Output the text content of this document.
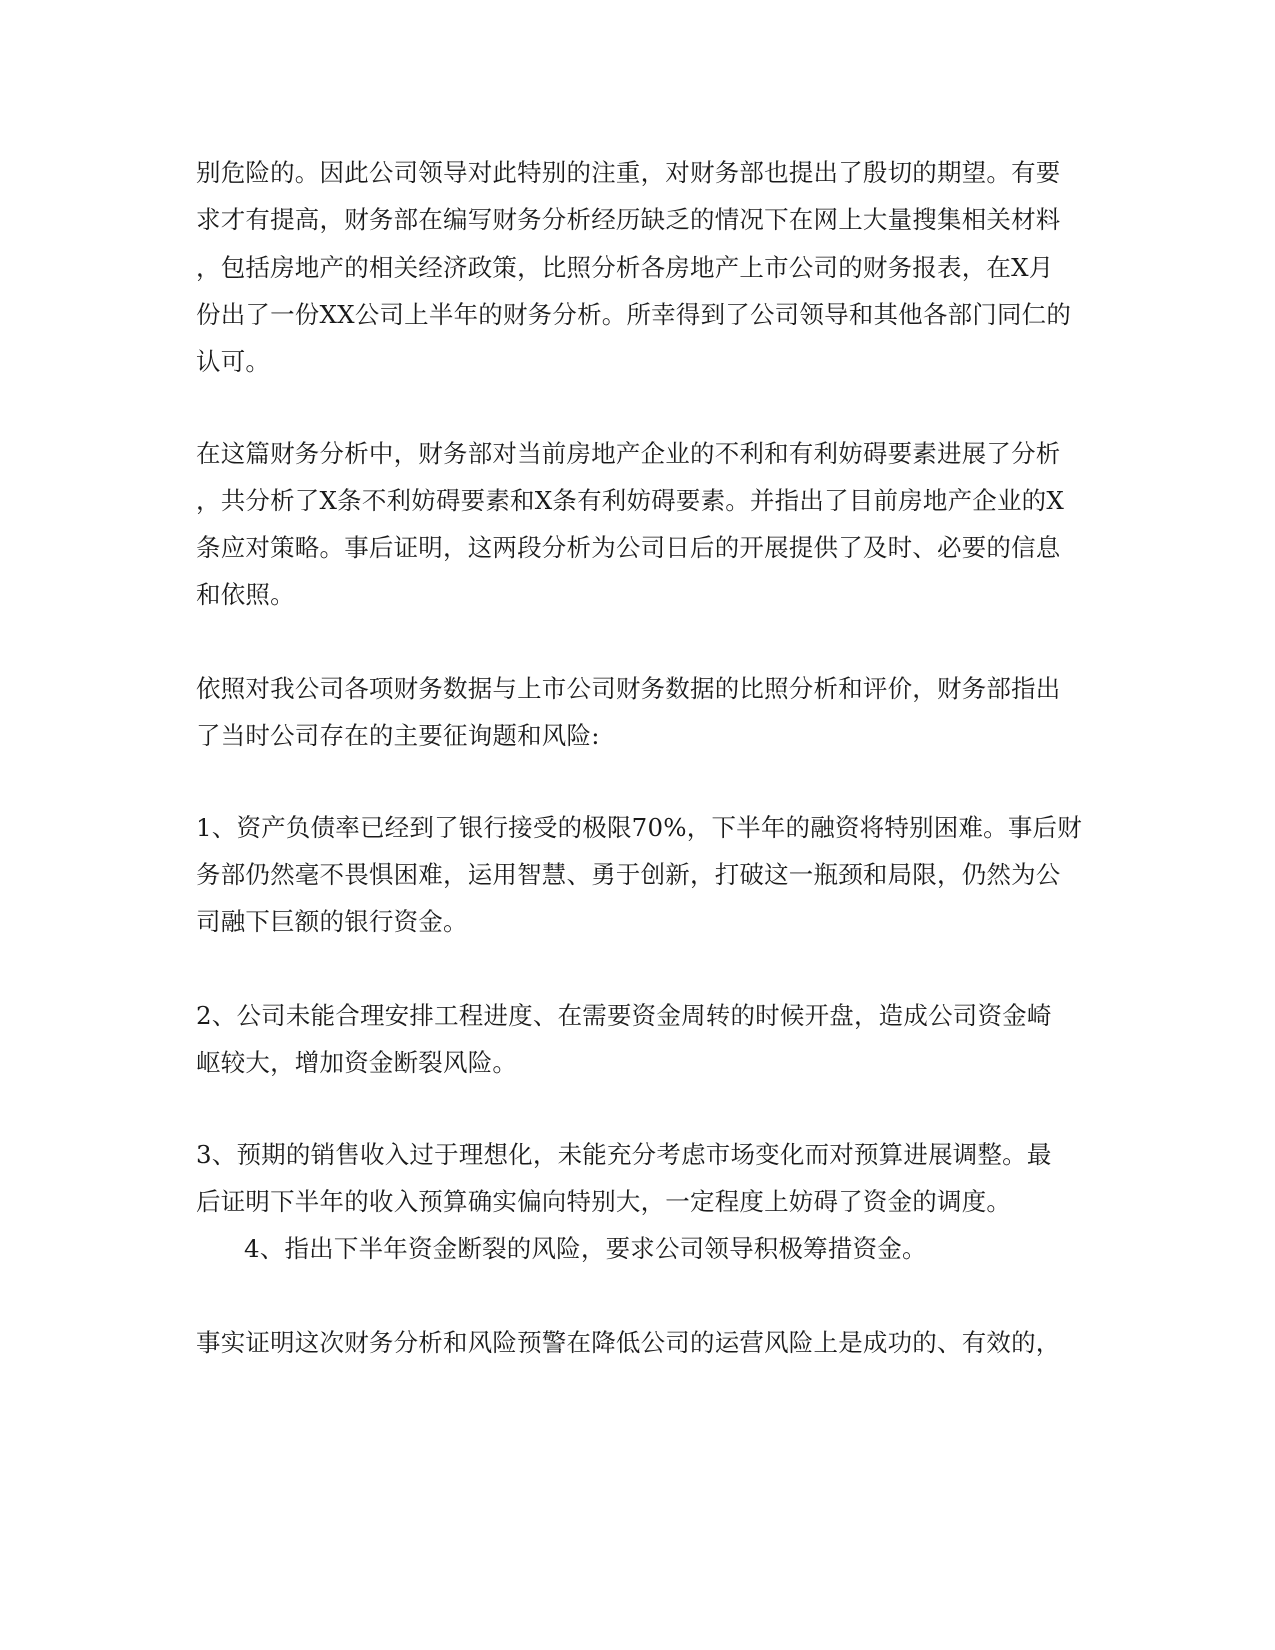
别危险的。因此公司领导对此特别的注重，对财务部也提出了殷切的期望。有要
求才有提高，财务部在编写财务分析经历缺乏的情况下在网上大量搜集相关材料
，包括房地产的相关经济政策，比照分析各房地产上市公司的财务报表，在X月
份出了一份XX公司上半年的财务分析。所幸得到了公司领导和其他各部门同仁的
认可。
在这篇财务分析中，财务部对当前房地产企业的不利和有利妨碍要素进展了分析
，共分析了X条不利妨碍要素和X条有利妨碍要素。并指出了目前房地产企业的X
条应对策略。事后证明，这两段分析为公司日后的开展提供了及时、必要的信息
和依照。
依照对我公司各项财务数据与上市公司财务数据的比照分析和评价，财务部指出
了当时公司存在的主要征询题和风险:
1、资产负债率已经到了银行接受的极限70%，下半年的融资将特别困难。事后财
务部仍然毫不畏惧困难，运用智慧、勇于创新，打破这一瓶颈和局限，仍然为公
司融下巨额的银行资金。
2、公司未能合理安排工程进度、在需要资金周转的时候开盘，造成公司资金崎
岖较大，增加资金断裂风险。
3、预期的销售收入过于理想化，未能充分考虑市场变化而对预算进展调整。最
后证明下半年的收入预算确实偏向特别大，一定程度上妨碍了资金的调度。
4、指出下半年资金断裂的风险，要求公司领导积极筹措资金。
事实证明这次财务分析和风险预警在降低公司的运营风险上是成功的、有效的，
